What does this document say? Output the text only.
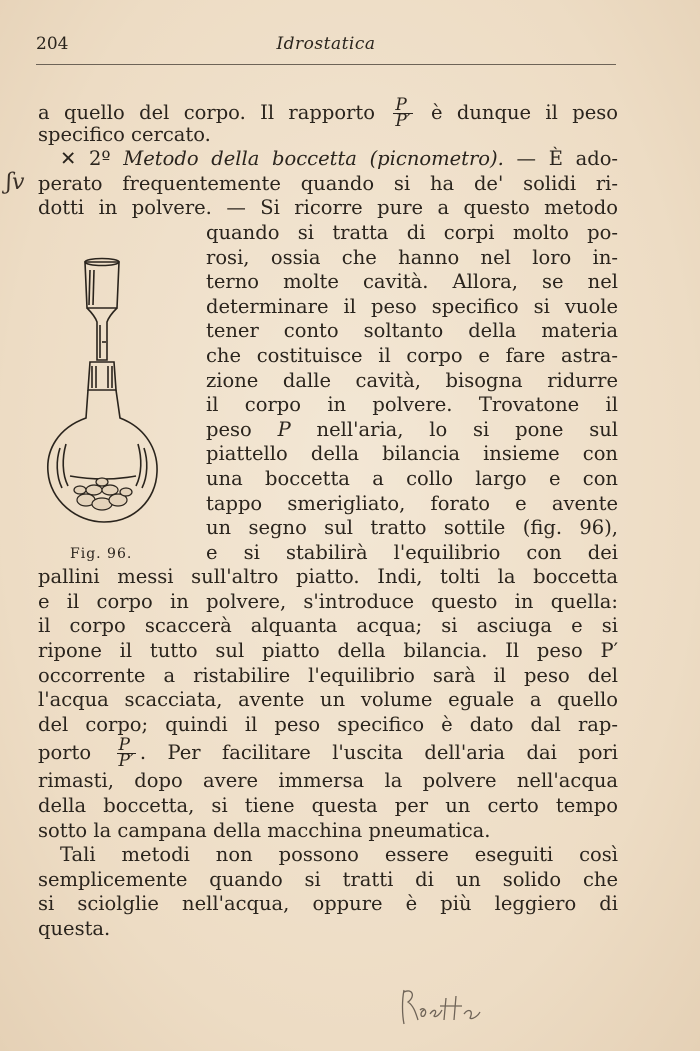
204	Idrostatica
ʃv
a quello del corpo. Il rapporto $\frac{P}{P'}$ è dunque il peso
specifico cercato.
✕ 2º Metodo della boccetta (picnometro). — È ado-
perato frequentemente quando si ha de' solidi ri-
dotti in polvere. — Si ricorre pure a questo metodo
quando si tratta di corpi molto po-
rosi, ossia che hanno nel loro in-
terno molte cavità. Allora, se nel
determinare il peso specifico si vuole
tener conto soltanto della materia
che costituisce il corpo e fare astra-
zione dalle cavità, bisogna ridurre
il corpo in polvere. Trovatone il
peso P nell'aria, lo si pone sul
piattello della bilancia insieme con
una boccetta a collo largo e con
tappo smerigliato, forato e avente
un segno sul tratto sottile (fig. 96),
e si stabilirà l'equilibrio con dei
pallini messi sull'altro piatto. Indi, tolti la boccetta
e il corpo in polvere, s'introduce questo in quella:
il corpo scaccerà alquanta acqua; si asciuga e si
ripone il tutto sul piatto della bilancia. Il peso P′
occorrente a ristabilire l'equilibrio sarà il peso del
l'acqua scacciata, avente un volume eguale a quello
del corpo; quindi il peso specifico è dato dal rap-
porto $\frac{P}{P'}$ . Per facilitare l'uscita dell'aria dai pori
rimasti, dopo avere immersa la polvere nell'acqua
della boccetta, si tiene questa per un certo tempo
sotto la campana della macchina pneumatica.
Tali metodi non possono essere eseguiti così
semplicemente quando si tratti di un solido che
si sciolglie nell'acqua, oppure è più leggiero di
questa.
Fig. 96.
